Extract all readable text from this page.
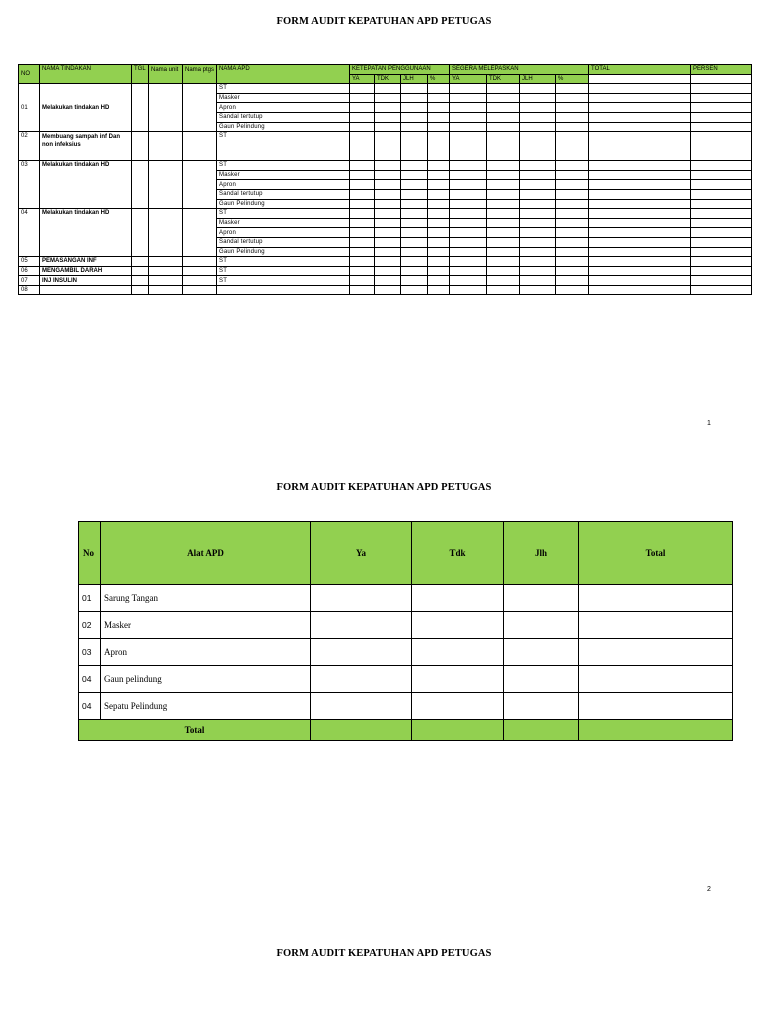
FORM AUDIT KEPATUHAN APD PETUGAS
NO	NAMA TINDAKAN	TGL	Nama unit	Nama ptgs	NAMA APD	KETEPATAN PENGGUNAAN				SEGERA MELEPASKAN				TOTAL	PERSEN
						YA	TDK	JLH	%	YA	TDK	JLH	%		
01	Melakukan tindakan HD				ST										
					Masker										
					Apron										
					Sandal tertutup										
					Gaun Pelindung										
02	Membuang sampah inf Dan non infeksius				ST										
03	Melakukan tindakan HD				ST										
					Masker										
					Apron										
					Sandal tertutup										
					Gaun Pelindung										
04	Melakukan tindakan HD				ST										
					Masker										
					Apron										
					Sandal tertutup										
					Gaun Pelindung										
05	PEMASANGAN INF				ST										
06	MENGAMBIL DARAH				ST										
07	INJ INSULIN				ST										
08															
1
FORM AUDIT KEPATUHAN APD PETUGAS
No	Alat APD	Ya	Tdk	Jlh	Total
01	Sarung Tangan				
02	Masker				
03	Apron				
04	Gaun pelindung				
04	Sepatu Pelindung				
Total					
2
FORM AUDIT KEPATUHAN APD PETUGAS
